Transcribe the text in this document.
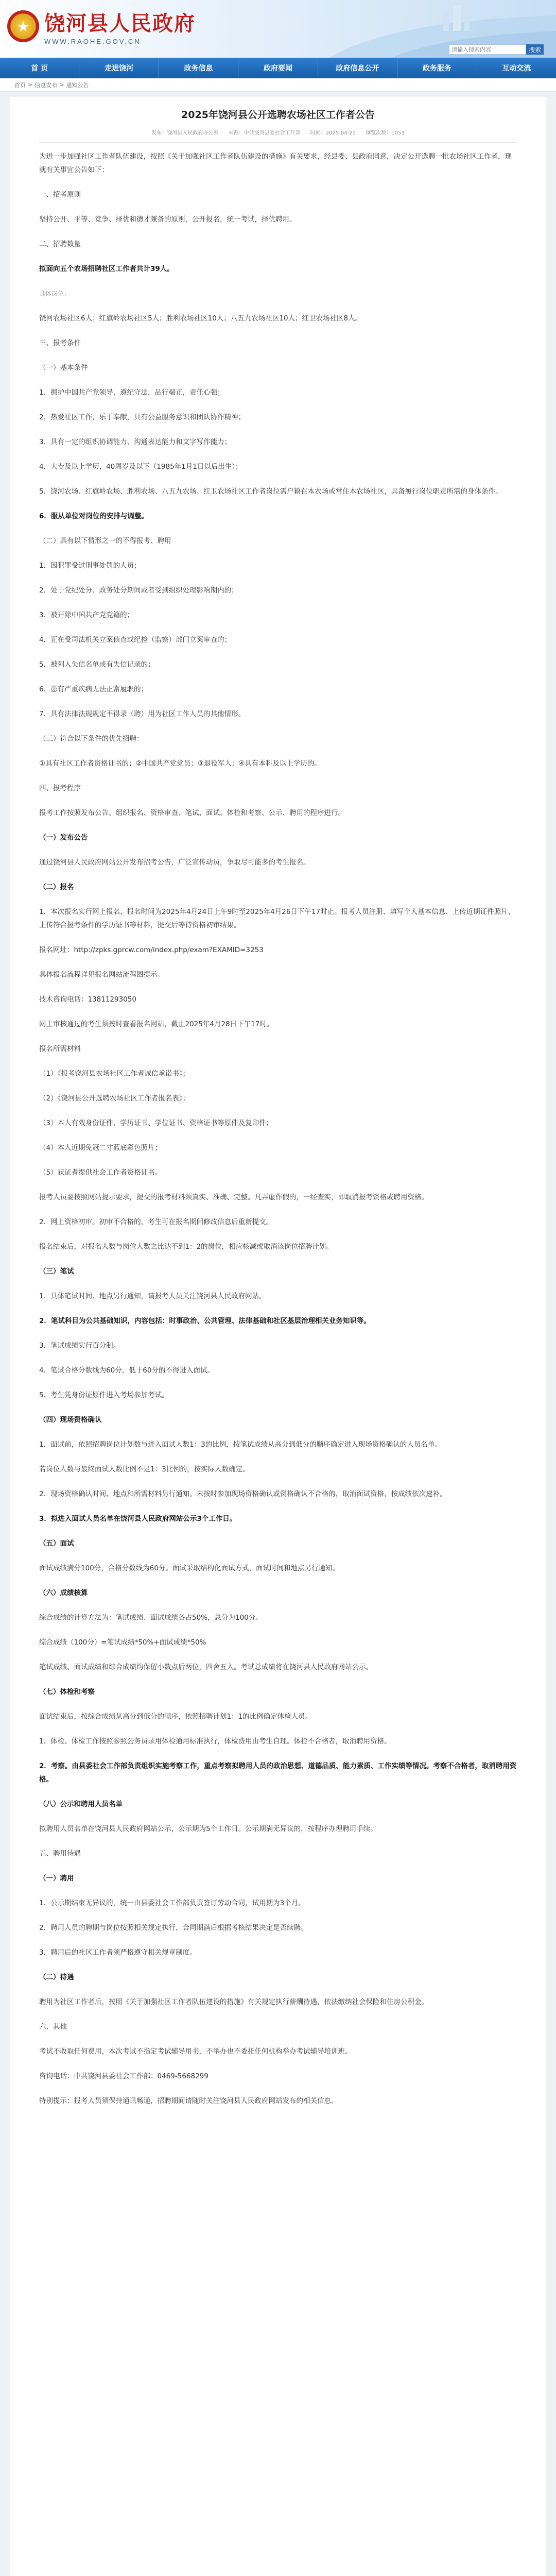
★ 饶河县人民政府
WWW.RAOHE.GOV.CN
请输入搜索内容
搜索
首 页	走进饶河	政务信息	政府要闻	政府信息公开	政务服务	互动交流
首页 > 信息发布 > 通知公告
2025年饶河县公开选聘农场社区工作者公告
发布：饶河县人民政府办公室 来源：中共饶河县委社会工作部 时间：2025-04-21 浏览次数：1053

为进一步加强社区工作者队伍建设，按照《关于加强社区工作者队伍建设的措施》有关要求，经县委、县政府同意，决定公开选聘一批农场社区工作者，现就有关事宜公告如下：

一、招考原则

坚持公开、平等、竞争、择优和德才兼备的原则，公开报名，统一考试，择优聘用。

二、招聘数量

拟面向五个农场招聘社区工作者共计39人。

具体岗位：

饶河农场社区6人；红旗岭农场社区5人；胜利农场社区10人；八五九农场社区10人；红卫农场社区8人。

三、报考条件

（一）基本条件

1．拥护中国共产党领导，遵纪守法，品行端正，责任心强；

2．热爱社区工作，乐于奉献，具有公益服务意识和团队协作精神；

3．具有一定的组织协调能力、沟通表达能力和文字写作能力；

4．大专及以上学历，40周岁及以下（1985年1月1日以后出生）；

5．饶河农场、红旗岭农场、胜利农场、八五九农场、红卫农场社区工作者岗位需户籍在本农场或常住本农场社区，具备履行岗位职责所需的身体条件。

6．服从单位对岗位的安排与调整。

（二）具有以下情形之一的不得报考、聘用

1．因犯罪受过刑事处罚的人员；

2．处于党纪处分、政务处分期间或者受到组织处理影响期内的；

3．被开除中国共产党党籍的；

4．正在受司法机关立案侦查或纪检（监察）部门立案审查的；

5．被列入失信名单或有失信记录的；

6．患有严重疾病无法正常履职的；

7．具有法律法规规定不得录（聘）用为社区工作人员的其他情形。

（三）符合以下条件的优先招聘：

①具有社区工作者资格证书的；②中国共产党党员；③退役军人；④具有本科及以上学历的。

四、报考程序

报考工作按照发布公告、组织报名、资格审查、笔试、面试、体检和考察、公示、聘用的程序进行。

（一）发布公告

通过饶河县人民政府网站公开发布招考公告，广泛宣传动员，争取尽可能多的考生报名。

（二）报名

1．本次报名实行网上报名，报名时间为2025年4月24日上午9时至2025年4月26日下午17时止。报考人员注册、填写个人基本信息、上传近期证件照片、上传符合报考条件的学历证书等材料，提交后等待资格初审结果。

报名网址：http://zpks.gprcw.com/index.php/exam?EXAMID=3253

具体报名流程详见报名网站流程图提示。

技术咨询电话：13811293050

网上审核通过的考生须按时查看报名网站，截止2025年4月28日下午17时。

报名所需材料

（1）《报考饶河县农场社区工作者诚信承诺书》；

（2）《饶河县公开选聘农场社区工作者报名表》；

（3）本人有效身份证件、学历证书、学位证书、资格证书等原件及复印件；

（4）本人近期免冠二寸蓝底彩色照片；

（5）获证者提供社会工作者资格证书。

报考人员要按照网站提示要求，提交的报考材料须真实、准确、完整。凡弄虚作假的，一经查实，即取消报考资格或聘用资格。

2．网上资格初审。初审不合格的，考生可在报名期间修改信息后重新提交。

报名结束后，对报名人数与岗位人数之比达不到1：2的岗位，相应核减或取消该岗位招聘计划。

（三）笔试

1．具体笔试时间、地点另行通知，请报考人员关注饶河县人民政府网站。

2．笔试科目为公共基础知识，内容包括：时事政治、公共管理、法律基础和社区基层治理相关业务知识等。

3．笔试成绩实行百分制。

4．笔试合格分数线为60分，低于60分的不得进入面试。

5．考生凭身份证原件进入考场参加考试。

（四）现场资格确认

1．面试前，依照招聘岗位计划数与进入面试人数1：3的比例，按笔试成绩从高分到低分的顺序确定进入现场资格确认的人员名单。

若岗位人数与最终面试人数比例不足1：3比例的，按实际人数确定。

2．现场资格确认时间、地点和所需材料另行通知。未按时参加现场资格确认或资格确认不合格的，取消面试资格，按成绩依次递补。

3．拟进入面试人员名单在饶河县人民政府网站公示3个工作日。

（五）面试

面试成绩满分100分，合格分数线为60分。面试采取结构化面试方式，面试时间和地点另行通知。

（六）成绩核算

综合成绩的计算方法为：笔试成绩、面试成绩各占50%，总分为100分。

综合成绩（100分）=笔试成绩*50%+面试成绩*50%

笔试成绩、面试成绩和综合成绩均保留小数点后两位，四舍五入。考试总成绩将在饶河县人民政府网站公示。

（七）体检和考察

面试结束后，按综合成绩从高分到低分的顺序，依照招聘计划1：1的比例确定体检人员。

1．体检。体检工作按照参照公务员录用体检通用标准执行，体检费用由考生自理。体检不合格者，取消聘用资格。

2．考察。由县委社会工作部负责组织实施考察工作，重点考察拟聘用人员的政治思想、道德品质、能力素质、工作实绩等情况。考察不合格者，取消聘用资格。

（八）公示和聘用人员名单

拟聘用人员名单在饶河县人民政府网站公示，公示期为5个工作日。公示期满无异议的，按程序办理聘用手续。

五、聘用待遇

（一）聘用

1．公示期结束无异议的，统一由县委社会工作部负责签订劳动合同，试用期为3个月。

2．聘用人员的聘期与岗位按照相关规定执行，合同期满后根据考核结果决定是否续聘。

3．聘用后的社区工作者须严格遵守相关规章制度。

（二）待遇

聘用为社区工作者后，按照《关于加强社区工作者队伍建设的措施》有关规定执行薪酬待遇，依法缴纳社会保险和住房公积金。

六、其他

考试不收取任何费用，本次考试不指定考试辅导用书，不举办也不委托任何机构举办考试辅导培训班。

咨询电话：中共饶河县委社会工作部：0469-5668299

特别提示：报考人员须保持通讯畅通，招聘期间请随时关注饶河县人民政府网站发布的相关信息。
